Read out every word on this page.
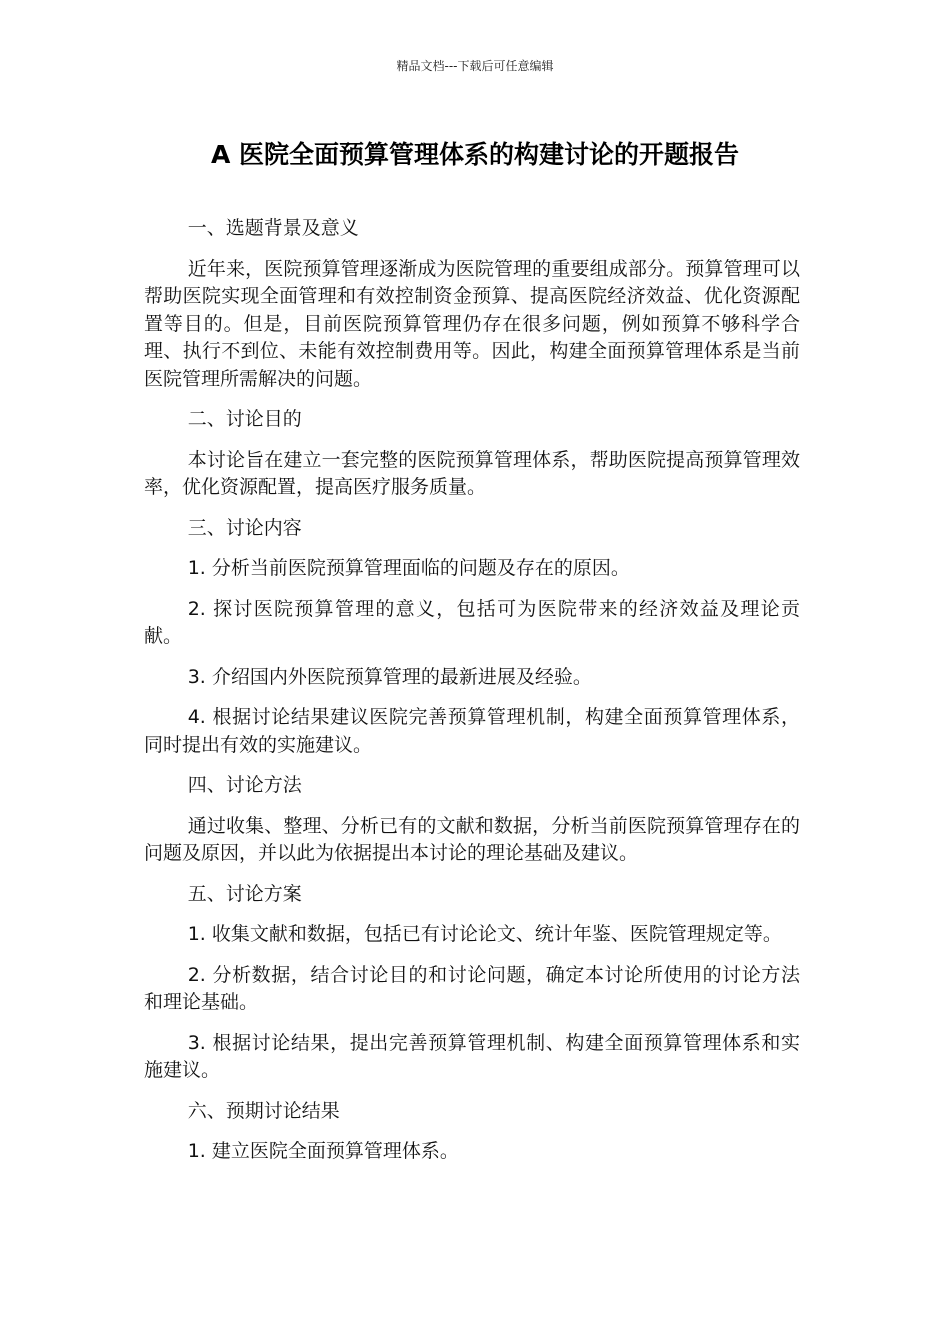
精品文档---下载后可任意编辑
A 医院全面预算管理体系的构建讨论的开题报告

一、选题背景及意义

近年来，医院预算管理逐渐成为医院管理的重要组成部分。预算管理可以帮助医院实现全面管理和有效控制资金预算、提高医院经济效益、优化资源配置等目的。但是，目前医院预算管理仍存在很多问题，例如预算不够科学合理、执行不到位、未能有效控制费用等。因此，构建全面预算管理体系是当前医院管理所需解决的问题。

二、讨论目的

本讨论旨在建立一套完整的医院预算管理体系，帮助医院提高预算管理效率，优化资源配置，提高医疗服务质量。

三、讨论内容

1. 分析当前医院预算管理面临的问题及存在的原因。

2. 探讨医院预算管理的意义，包括可为医院带来的经济效益及理论贡献。

3. 介绍国内外医院预算管理的最新进展及经验。

4. 根据讨论结果建议医院完善预算管理机制，构建全面预算管理体系，同时提出有效的实施建议。

四、讨论方法

通过收集、整理、分析已有的文献和数据，分析当前医院预算管理存在的问题及原因，并以此为依据提出本讨论的理论基础及建议。

五、讨论方案

1. 收集文献和数据，包括已有讨论论文、统计年鉴、医院管理规定等。

2. 分析数据，结合讨论目的和讨论问题，确定本讨论所使用的讨论方法和理论基础。

3. 根据讨论结果，提出完善预算管理机制、构建全面预算管理体系和实施建议。

六、预期讨论结果

1. 建立医院全面预算管理体系。
